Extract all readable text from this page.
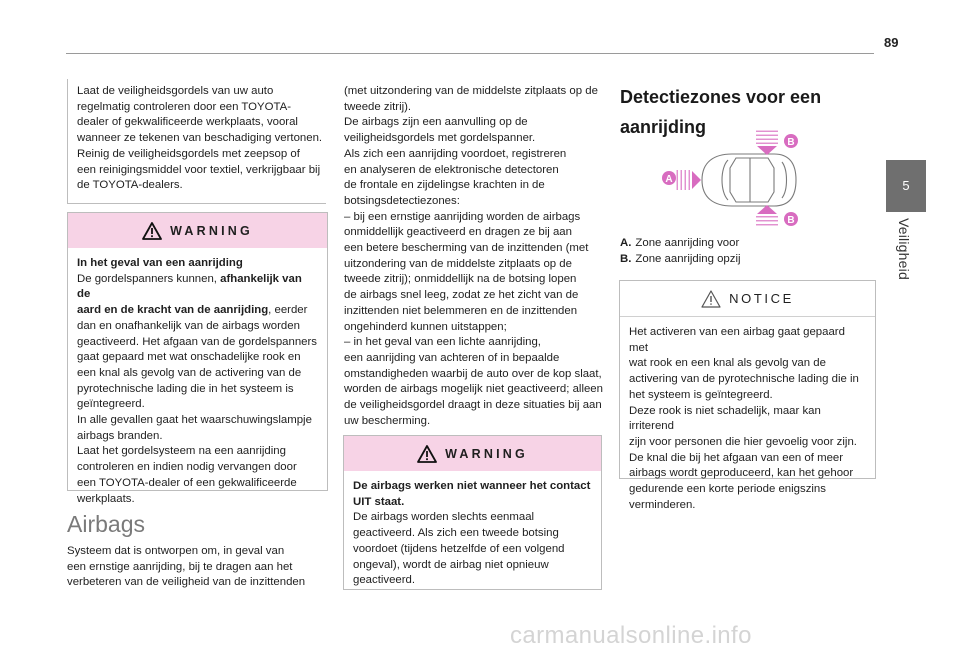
89
5
Veiligheid

Laat de veiligheidsgordels van uw auto

regelmatig controleren door een TOYOTA-

dealer of gekwalificeerde werkplaats, vooral

wanneer ze tekenen van beschadiging vertonen.

Reinig de veiligheidsgordels met zeepsop of

een reinigingsmiddel voor textiel, verkrijgbaar bij

de TOYOTA-dealers.

WARNING

In het geval van een aanrijding

De gordelspanners kunnen, afhankelijk van de

aard en de kracht van de aanrijding, eerder

dan en onafhankelijk van de airbags worden

geactiveerd. Het afgaan van de gordelspanners

gaat gepaard met wat onschadelijke rook en

een knal als gevolg van de activering van de

pyrotechnische lading die in het systeem is

geïntegreerd.

In alle gevallen gaat het waarschuwingslampje

airbags branden.

Laat het gordelsysteem na een aanrijding

controleren en indien nodig vervangen door

een TOYOTA-dealer of een gekwalificeerde

werkplaats.

Airbags

Systeem dat is ontworpen om, in geval van

een ernstige aanrijding, bij te dragen aan het

verbeteren van de veiligheid van de inzittenden

(met uitzondering van de middelste zitplaats op de

tweede zitrij).

De airbags zijn een aanvulling op de

veiligheidsgordels met gordelspanner.

Als zich een aanrijding voordoet, registreren

en analyseren de elektronische detectoren

de frontale en zijdelingse krachten in de

botsingsdetectiezones:

– bij een ernstige aanrijding worden de airbags

onmiddellijk geactiveerd en dragen ze bij aan

een betere bescherming van de inzittenden (met

uitzondering van de middelste zitplaats op de

tweede zitrij); onmiddellijk na de botsing lopen

de airbags snel leeg, zodat ze het zicht van de

inzittenden niet belemmeren en de inzittenden

ongehinderd kunnen uitstappen;

– in het geval van een lichte aanrijding,

een aanrijding van achteren of in bepaalde

omstandigheden waarbij de auto over de kop slaat,

worden de airbags mogelijk niet geactiveerd; alleen

de veiligheidsgordel draagt in deze situaties bij aan

uw bescherming.

WARNING

De airbags werken niet wanneer het contact

UIT staat.

De airbags worden slechts eenmaal

geactiveerd. Als zich een tweede botsing

voordoet (tijdens hetzelfde of een volgend

ongeval), wordt de airbag niet opnieuw

geactiveerd.

Detectiezones voor een
aanrijding
A
B
B
A. Zone aanrijding voor
B. Zone aanrijding opzij
NOTICE

Het activeren van een airbag gaat gepaard met

wat rook en een knal als gevolg van de

activering van de pyrotechnische lading die in

het systeem is geïntegreerd.

Deze rook is niet schadelijk, maar kan irriterend

zijn voor personen die hier gevoelig voor zijn.

De knal die bij het afgaan van een of meer

airbags wordt geproduceerd, kan het gehoor

gedurende een korte periode enigszins

verminderen.

carmanualsonline.info
